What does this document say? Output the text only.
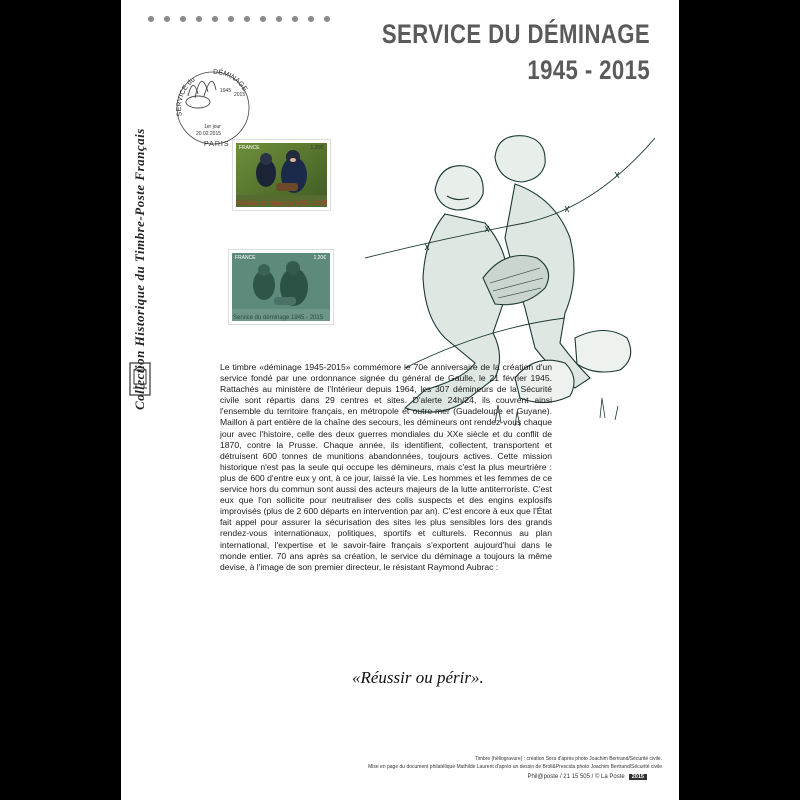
Collection Historique du Timbre-Poste Français
SERVICE DU DÉMINAGE
1945 - 2015
SERVICE du
DÉMINAGE
1945
2015
1er jour
20.02.2015
PARIS FRANCE	1,20€
Service du déminage 1945 - 2015
FRANCE	1,20€
Service du déminage 1945 - 2015

Le timbre «déminage 1945-2015» commémore le 70e anniversaire de la création d'un service fondé par une ordonnance signée du général de Gaulle, le 21 février 1945. Rattachés au ministère de l'Intérieur depuis 1964, les 307 démineurs de la Sécurité civile sont répartis dans 29 centres et sites. D'alerte 24h/24, ils couvrent ainsi l'ensemble du territoire français, en métropole et outre-mer (Guadeloupe et Guyane). Maillon à part entière de la chaîne des secours, les démineurs ont rendez-vous chaque jour avec l'histoire, celle des deux guerres mondiales du XXe siècle et du conflit de 1870, contre la Prusse. Chaque année, ils identifient, collectent, transportent et détruisent 600 tonnes de munitions abandonnées, toujours actives. Cette mission historique n'est pas la seule qui occupe les démineurs, mais c'est la plus meurtrière : plus de 600 d'entre eux y ont, à ce jour, laissé la vie. Les hommes et les femmes de ce service hors du commun sont aussi des acteurs majeurs de la lutte antiterroriste. C'est eux que l'on sollicite pour neutraliser des colis suspects et des engins explosifs improvisés (plus de 2 600 départs en intervention par an). C'est encore à eux que l'État fait appel pour assurer la sécurisation des sites les plus sensibles lors des grands rendez-vous internationaux, politiques, sportifs et culturels. Reconnus au plan international, l'expertise et le savoir-faire français s'exportent aujourd'hui dans le monde entier. 70 ans après sa création, le service du déminage a toujours la même devise, à l'image de son premier directeur, le résistant Raymond Aubrac :

«Réussir ou périr».
Timbre (héliogravure) : création Sera d'après photo Joachim Bertrand/Sécurité civile.
Mise en page du document philatélique Mathilde Laurent d'après un dessin de Broll&Prescida photo Joachim Bertrand/Sécurité civile
Phil@poste / 21 15 505 / © La Poste	2015
